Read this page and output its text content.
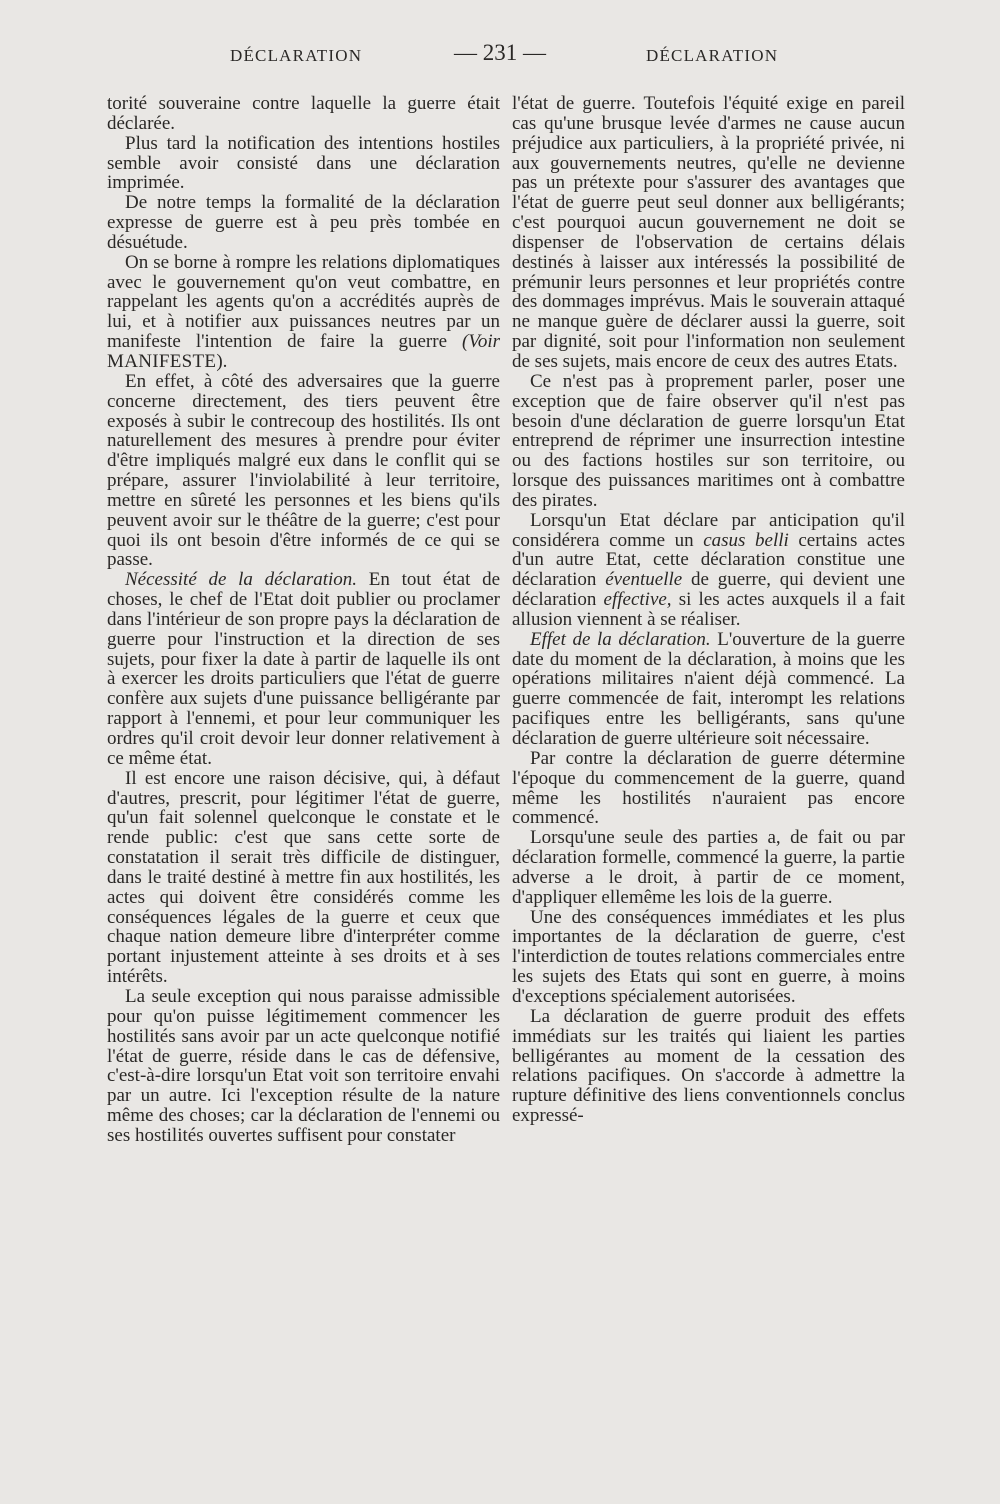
DÉCLARATION	— 231 —	DÉCLARATION

torité souveraine contre laquelle la guerre était déclarée.

Plus tard la notification des intentions hostiles semble avoir consisté dans une déclaration imprimée.

De notre temps la formalité de la déclaration expresse de guerre est à peu près tombée en désuétude.

On se borne à rompre les relations diplomatiques avec le gouvernement qu'on veut combattre, en rappelant les agents qu'on a accrédités auprès de lui, et à notifier aux puissances neutres par un manifeste l'intention de faire la guerre (Voir MANIFESTE).

En effet, à côté des adversaires que la guerre concerne directement, des tiers peuvent être exposés à subir le contrecoup des hostilités. Ils ont naturellement des mesures à prendre pour éviter d'être impliqués malgré eux dans le conflit qui se prépare, assurer l'inviolabilité à leur territoire, mettre en sûreté les personnes et les biens qu'ils peuvent avoir sur le théâtre de la guerre; c'est pour quoi ils ont besoin d'être informés de ce qui se passe.

Nécessité de la déclaration. En tout état de choses, le chef de l'Etat doit publier ou proclamer dans l'intérieur de son propre pays la déclaration de guerre pour l'instruction et la direction de ses sujets, pour fixer la date à partir de laquelle ils ont à exercer les droits particuliers que l'état de guerre confère aux sujets d'une puissance belligérante par rapport à l'ennemi, et pour leur communiquer les ordres qu'il croit devoir leur donner relativement à ce même état.

Il est encore une raison décisive, qui, à défaut d'autres, prescrit, pour légitimer l'état de guerre, qu'un fait solennel quelconque le constate et le rende public: c'est que sans cette sorte de constatation il serait très difficile de distinguer, dans le traité destiné à mettre fin aux hostilités, les actes qui doivent être considérés comme les conséquences légales de la guerre et ceux que chaque nation demeure libre d'interpréter comme portant injustement atteinte à ses droits et à ses intérêts.

La seule exception qui nous paraisse admissible pour qu'on puisse légitimement commencer les hostilités sans avoir par un acte quelconque notifié l'état de guerre, réside dans le cas de défensive, c'est-à-dire lorsqu'un Etat voit son territoire envahi par un autre. Ici l'exception résulte de la nature même des choses; car la déclaration de l'ennemi ou ses hostilités ouvertes suffisent pour constater

l'état de guerre. Toutefois l'équité exige en pareil cas qu'une brusque levée d'armes ne cause aucun préjudice aux particuliers, à la propriété privée, ni aux gouvernements neutres, qu'elle ne devienne pas un prétexte pour s'assurer des avantages que l'état de guerre peut seul donner aux belligérants; c'est pourquoi aucun gouvernement ne doit se dispenser de l'observation de certains délais destinés à laisser aux intéressés la possibilité de prémunir leurs personnes et leur propriétés contre des dommages imprévus. Mais le souverain attaqué ne manque guère de déclarer aussi la guerre, soit par dignité, soit pour l'information non seulement de ses sujets, mais encore de ceux des autres Etats.

Ce n'est pas à proprement parler, poser une exception que de faire observer qu'il n'est pas besoin d'une déclaration de guerre lorsqu'un Etat entreprend de réprimer une insurrection intestine ou des factions hostiles sur son territoire, ou lorsque des puissances maritimes ont à combattre des pirates.

Lorsqu'un Etat déclare par anticipation qu'il considérera comme un casus belli certains actes d'un autre Etat, cette déclaration constitue une déclaration éventuelle de guerre, qui devient une déclaration effective, si les actes auxquels il a fait allusion viennent à se réaliser.

Effet de la déclaration. L'ouverture de la guerre date du moment de la déclaration, à moins que les opérations militaires n'aient déjà commencé. La guerre commencée de fait, interompt les relations pacifiques entre les belligérants, sans qu'une déclaration de guerre ultérieure soit nécessaire.

Par contre la déclaration de guerre détermine l'époque du commencement de la guerre, quand même les hostilités n'auraient pas encore commencé.

Lorsqu'une seule des parties a, de fait ou par déclaration formelle, commencé la guerre, la partie adverse a le droit, à partir de ce moment, d'appliquer ellemême les lois de la guerre.

Une des conséquences immédiates et les plus importantes de la déclaration de guerre, c'est l'interdiction de toutes relations commerciales entre les sujets des Etats qui sont en guerre, à moins d'exceptions spécialement autorisées.

La déclaration de guerre produit des effets immédiats sur les traités qui liaient les parties belligérantes au moment de la cessation des relations pacifiques. On s'accorde à admettre la rupture définitive des liens conventionnels conclus expressé-
